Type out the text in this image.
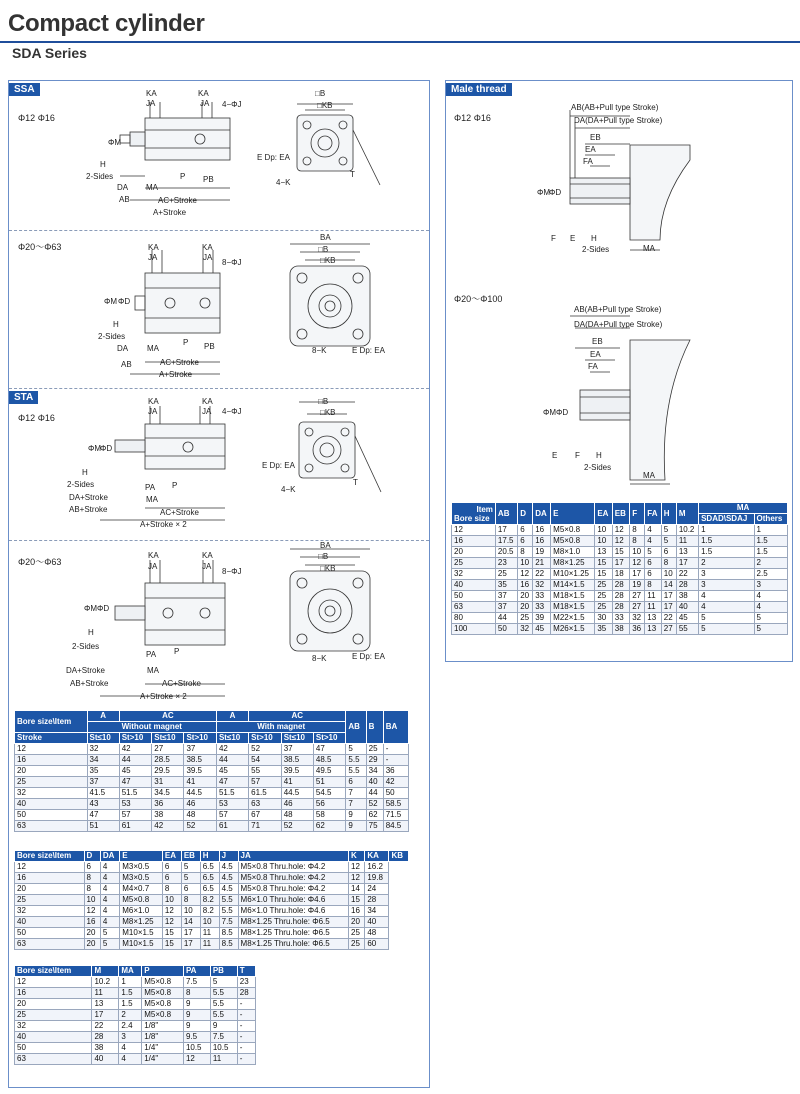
Compact cylinder
SDA Series
SSA
STA
Φ12 Φ16
Φ20～Φ63
Φ12 Φ16
Φ20～Φ63
KA	KA
JA	JA 4−ΦJ
ΦM
H
2-Sides
DA
AB
MA
P PB
AC+Stroke
A+Stroke
□B
□KB
E Dp: EA
4−K
T
KA	KA
JA	JA
8−ΦJ
ΦM ΦD
H
2-Sides
DA
AB
MA
P PB
AC+Stroke
A+Stroke
BA
□B
□KB
8−K	E Dp: EA
KA	KA
JA	JA 4−ΦJ
ΦM
ΦD
H
2-Sides
DA+Stroke
AB+Stroke
PA P
MA
AC+Stroke
A+Stroke × 2
□B
□KB
E Dp: EA
4−K
T
KA	KA
JA	JA
8−ΦJ
ΦM ΦD
H
2-Sides
DA+Stroke
AB+Stroke
PA P
MA
AC+Stroke
A+Stroke × 2
BA
□B
□KB
8−K	E Dp: EA
Bore size\Item	A	AC			A	AC			AB	B	BA
	Without magnet				With magnet						
Stroke	St≤10	St>10	St≤10	St>10	St≤10	St>10	St≤10	St>10			
12	32	42	27	37	42	52	37	47	5	25	-
16	34	44	28.5	38.5	44	54	38.5	48.5	5.5	29	-
20	35	45	29.5	39.5	45	55	39.5	49.5	5.5	34	36
25	37	47	31	41	47	57	41	51	6	40	42
32	41.5	51.5	34.5	44.5	51.5	61.5	44.5	54.5	7	44	50
40	43	53	36	46	53	63	46	56	7	52	58.5
50	47	57	38	48	57	67	48	58	9	62	71.5
63	51	61	42	52	61	71	52	62	9	75	84.5
Bore size\Item	D	DA	E	EA	EB	H	J	JA	K	KA	KB
12	6	4	M3×0.5	6	5	6.5	4.5	M5×0.8 Thru.hole: Φ4.2	12	16.2	
16	8	4	M3×0.5	6	5	6.5	4.5	M5×0.8 Thru.hole: Φ4.2	12	19.8	
20	8	4	M4×0.7	8	6	6.5	4.5	M5×0.8 Thru.hole: Φ4.2	14	24	
25	10	4	M5×0.8	10	8	8.2	5.5	M6×1.0 Thru.hole: Φ4.6	15	28	
32	12	4	M6×1.0	12	10	8.2	5.5	M6×1.0 Thru.hole: Φ4.6	16	34	
40	16	4	M8×1.25	12	14	10	7.5	M8×1.25 Thru.hole: Φ6.5	20	40	
50	20	5	M10×1.5	15	17	11	8.5	M8×1.25 Thru.hole: Φ6.5	25	48	
63	20	5	M10×1.5	15	17	11	8.5	M8×1.25 Thru.hole: Φ6.5	25	60	
Bore size\Item	M	MA	P	PA	PB	T
12	10.2	1	M5×0.8	7.5	5	23
16	11	1.5	M5×0.8	8	5.5	28
20	13	1.5	M5×0.8	9	5.5	-
25	17	2	M5×0.8	9	5.5	-
32	22	2.4	1/8"	9	9	-
40	28	3	1/8"	9.5	7.5	-
50	38	4	1/4"	10.5	10.5	-
63	40	4	1/4"	12	11	-
Male thread
Φ12 Φ16
Φ20～Φ100
AB(AB+Pull type Stroke)
DA(DA+Pull type Stroke)
EB
EA
FA
ΦM
ΦD
F E H
2-Sides	MA
AB(AB+Pull type Stroke)
DA(DA+Pull type Stroke)
EB
EA
FA
ΦM ΦD
E F H
2-Sides
MA
Item
Bore size	AB	D	DA	E	EA	EB	F	FA	H	M	MA	
											SDAD\SDAJ	Others
12	17	6	16	M5×0.8	10	12	8	4	5	10.2	1	1
16	17.5	6	16	M5×0.8	10	12	8	4	5	11	1.5	1.5
20	20.5	8	19	M8×1.0	13	15	10	5	6	13	1.5	1.5
25	23	10	21	M8×1.25	15	17	12	6	8	17	2	2
32	25	12	22	M10×1.25	15	18	17	6	10	22	3	2.5
40	35	16	32	M14×1.5	25	28	19	8	14	28	3	3
50	37	20	33	M18×1.5	25	28	27	11	17	38	4	4
63	37	20	33	M18×1.5	25	28	27	11	17	40	4	4
80	44	25	39	M22×1.5	30	33	32	13	22	45	5	5
100	50	32	45	M26×1.5	35	38	36	13	27	55	5	5
